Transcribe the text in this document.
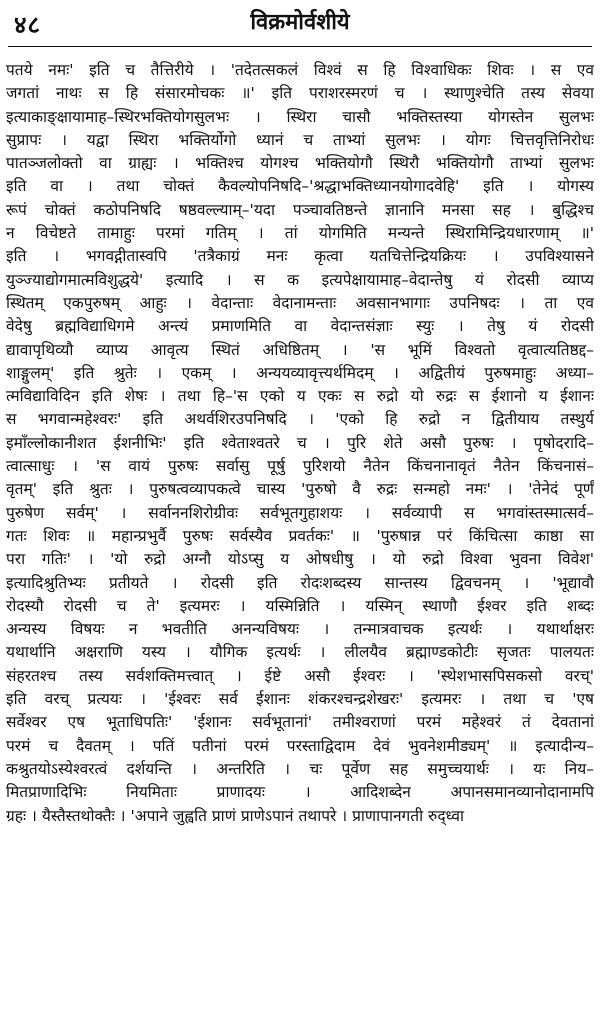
४८	विक्रमोर्वशीये
पतये नमः' इति च तैत्तिरीये । 'तदेतत्सकलं विश्वं स हि विश्वाधिकः शिवः । स एव
जगतां नाथः स हि संसारमोचकः ॥' इति पराशरस्मरणं च । स्थाणुश्चेति तस्य सेवया
इत्याकाङ्क्षायामाह–स्थिरभक्तियोगसुलभः । स्थिरा चासौ भक्तिस्तस्या योगस्तेन सुलभः
सुप्रापः । यद्वा स्थिरा भक्तिर्योगो ध्यानं च ताभ्यां सुलभः । योगः चित्तवृत्तिनिरोधः
पातञ्जलोक्तो वा ग्राह्यः । भक्तिश्च योगश्च भक्तियोगौ स्थिरौ भक्तियोगौ ताभ्यां सुलभः
इति वा । तथा चोक्तं कैवल्योपनिषदि–'श्रद्धाभक्तिध्यानयोगादवेहि' इति । योगस्य
रूपं चोक्तं कठोपनिषदि षष्ठवल्ल्याम्–'यदा पञ्चावतिष्ठन्ते ज्ञानानि मनसा सह । बुद्धिश्च
न विचेष्टते तामाहुः परमां गतिम् । तां योगमिति मन्यन्ते स्थिरामिन्द्रियधारणाम् ॥'
इति । भगवद्गीतास्वपि 'तत्रैकाग्रं मनः कृत्वा यतचित्तेन्द्रियक्रियः । उपविश्यासने
युञ्ज्याद्योगमात्मविशुद्धये' इत्यादि । स क इत्यपेक्षायामाह–वेदान्तेषु यं रोदसी व्याप्य
स्थितम् एकपुरुषम् आहुः । वेदान्ताः वेदानामन्ताः अवसानभागाः उपनिषदः । ता एव
वेदेषु ब्रह्मविद्याधिगमे अन्त्यं प्रमाणमिति वा वेदान्तसंज्ञाः स्युः । तेषु यं रोदसी
द्यावापृथिव्यौ व्याप्य आवृत्य स्थितं अधिष्ठितम् । 'स भूमिं विश्वतो वृत्वात्यतिष्ठद्द–
शाङ्गुलम्' इति श्रुतेः । एकम् । अन्ययव्यावृत्त्यर्थमिदम् । अद्वितीयं पुरुषमाहुः अध्या–
त्मविद्याविदिन इति शेषः । तथा हि–'स एको य एकः स रुद्रो यो रुद्रः स ईशानो य ईशानः
स भगवान्महेश्वरः' इति अथर्वशिरउपनिषदि । 'एको हि रुद्रो न द्वितीयाय तस्थुर्य
इमाँल्लोकानीशत ईशनीभिः' इति श्वेताश्वतरे च । पुरि शेते असौ पुरुषः । पृषोदरादि–
त्वात्साधुः । 'स वायं पुरुषः सर्वासु पूर्षु पुरिशयो नैतेन किंचनानावृतं नैतेन किंचनासं–
वृतम्' इति श्रुतः । पुरुषत्वव्यापकत्वे चास्य 'पुरुषो वै रुद्रः सन्महो नमः' । 'तेनेदं पूर्णं
पुरुषेण सर्वम्' । सर्वाननशिरोग्रीवः सर्वभूतगुहाशयः । सर्वव्यापी स भगवांस्तस्मात्सर्व–
गतः शिवः ॥ महान्प्रभुर्वै पुरुषः सर्वस्यैव प्रवर्तकः' ॥ 'पुरुषान्न परं किंचित्सा काष्ठा सा
परा गतिः' । 'यो रुद्रो अग्नौ योऽप्सु य ओषधीषु । यो रुद्रो विश्वा भुवना विवेश'
इत्यादिश्रुतिभ्यः प्रतीयते । रोदसी इति रोदःशब्दस्य सान्तस्य द्विवचनम् । 'भूद्यावौ
रोदस्यौ रोदसी च ते' इत्यमरः । यस्मिन्निति । यस्मिन् स्थाणौ ईश्वर इति शब्दः
अन्यस्य विषयः न भवतीति अनन्यविषयः । तन्मात्रवाचक इत्यर्थः । यथार्थाक्षरः
यथार्थानि अक्षराणि यस्य । यौगिक इत्यर्थः । लीलयैव ब्रह्माण्डकोटीः सृजतः पालयतः
संहरतश्च तस्य सर्वशक्तिमत्त्वात् । ईष्टे असौ ईश्वरः । 'स्थेशभासपिसकसो वरच्'
इति वरच् प्रत्ययः । 'ईश्वरः सर्व ईशानः शंकरश्चन्द्रशेखरः' इत्यमरः । तथा च 'एष
सर्वेश्वर एष भूताधिपतिः' 'ईशानः सर्वभूतानां' तमीश्वराणां परमं महेश्वरं तं देवतानां
परमं च दैवतम् । पतिं पतीनां परमं परस्ताद्विदाम देवं भुवनेशमीड्यम्' ॥ इत्यादीन्य–
कश्रुतयोऽस्येश्वरत्वं दर्शयन्ति । अन्तरिति । चः पूर्वेण सह समुच्चयार्थः । यः निय–
मितप्राणादिभिः नियमिताः प्राणादयः । आदिशब्देन अपानसमानव्यानोदानामपि
ग्रहः । यैस्तैस्तथोक्तैः । 'अपाने जुह्वति प्राणं प्राणेऽपानं तथापरे । प्राणापानगती रुद्ध्वा
